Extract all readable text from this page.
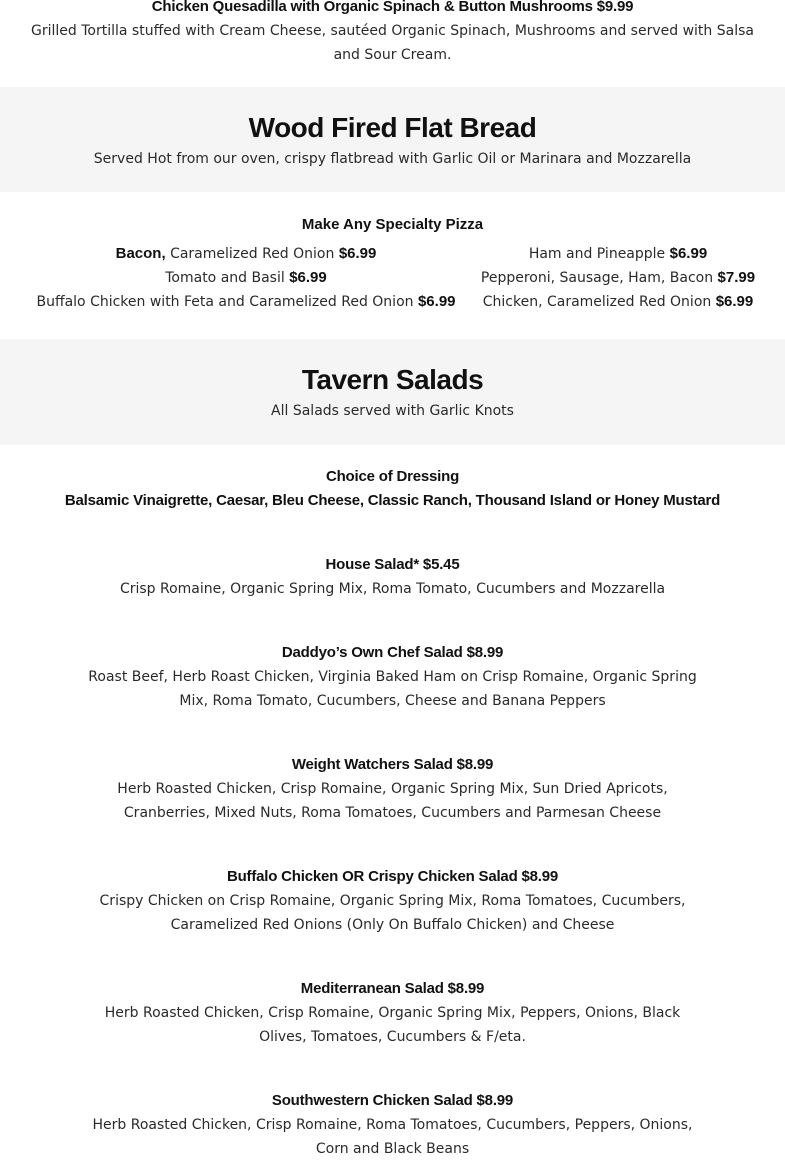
Chicken Quesadilla with Organic Spinach & Button Mushrooms $9.99
Grilled Tortilla stuffed with Cream Cheese, sautéed Organic Spinach, Mushrooms and served with Salsa and Sour Cream.
Wood Fired Flat Bread
Served Hot from our oven, crispy flatbread with Garlic Oil or Marinara and Mozzarella
Make Any Specialty Pizza
Bacon, Caramelized Red Onion $6.99
Tomato and Basil $6.99
Buffalo Chicken with Feta and Caramelized Red Onion $6.99
Ham and Pineapple $6.99
Pepperoni, Sausage, Ham, Bacon $7.99
Chicken, Caramelized Red Onion $6.99
Tavern Salads
All Salads served with Garlic Knots
Choice of Dressing
Balsamic Vinaigrette, Caesar, Bleu Cheese, Classic Ranch, Thousand Island or Honey Mustard
House Salad* $5.45
Crisp Romaine, Organic Spring Mix, Roma Tomato, Cucumbers and Mozzarella
Daddyo’s Own Chef Salad $8.99
Roast Beef, Herb Roast Chicken, Virginia Baked Ham on Crisp Romaine, Organic Spring Mix, Roma Tomato, Cucumbers, Cheese and Banana Peppers
Weight Watchers Salad $8.99
Herb Roasted Chicken, Crisp Romaine, Organic Spring Mix, Sun Dried Apricots, Cranberries, Mixed Nuts, Roma Tomatoes, Cucumbers and Parmesan Cheese
Buffalo Chicken OR Crispy Chicken Salad $8.99
Crispy Chicken on Crisp Romaine, Organic Spring Mix, Roma Tomatoes, Cucumbers, Caramelized Red Onions (Only On Buffalo Chicken) and Cheese
Mediterranean Salad $8.99
Herb Roasted Chicken, Crisp Romaine, Organic Spring Mix, Peppers, Onions, Black Olives, Tomatoes, Cucumbers & F/eta.
Southwestern Chicken Salad $8.99
Herb Roasted Chicken, Crisp Romaine, Roma Tomatoes, Cucumbers, Peppers, Onions, Corn and Black Beans
